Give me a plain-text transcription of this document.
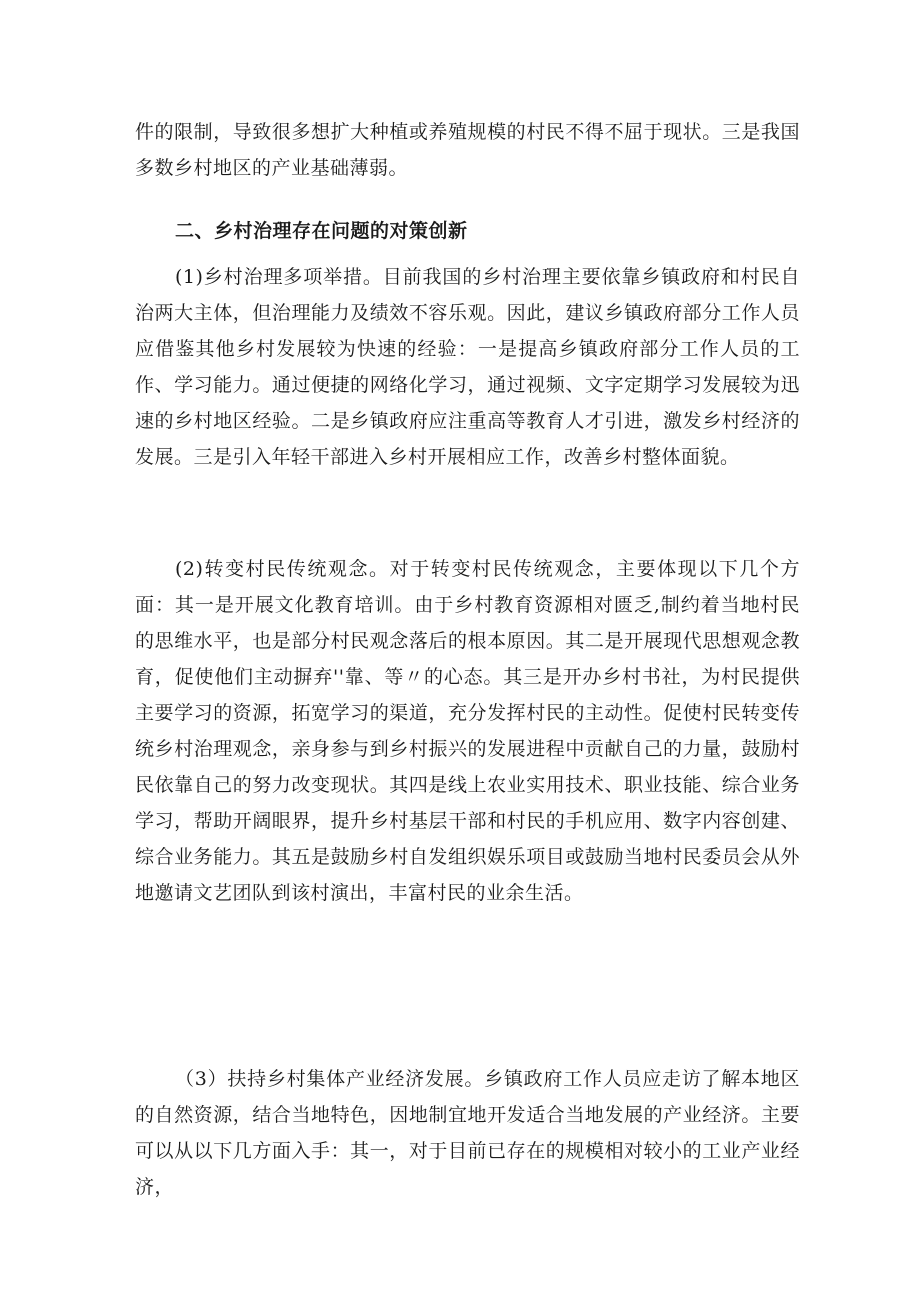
件的限制，导致很多想扩大种植或养殖规模的村民不得不屈于现状。三是我国多数乡村地区的产业基础薄弱。
二、乡村治理存在问题的对策创新
(1)乡村治理多项举措。目前我国的乡村治理主要依靠乡镇政府和村民自治两大主体，但治理能力及绩效不容乐观。因此，建议乡镇政府部分工作人员应借鉴其他乡村发展较为快速的经验：一是提高乡镇政府部分工作人员的工作、学习能力。通过便捷的网络化学习，通过视频、文字定期学习发展较为迅速的乡村地区经验。二是乡镇政府应注重高等教育人才引进，激发乡村经济的发展。三是引入年轻干部进入乡村开展相应工作，改善乡村整体面貌。
(2)转变村民传统观念。对于转变村民传统观念，主要体现以下几个方面：其一是开展文化教育培训。由于乡村教育资源相对匮乏,制约着当地村民的思维水平，也是部分村民观念落后的根本原因。其二是开展现代思想观念教育，促使他们主动摒弃''靠、等〃的心态。其三是开办乡村书社，为村民提供主要学习的资源，拓宽学习的渠道，充分发挥村民的主动性。促使村民转变传统乡村治理观念，亲身参与到乡村振兴的发展进程中贡献自己的力量，鼓励村民依靠自己的努力改变现状。其四是线上农业实用技术、职业技能、综合业务学习，帮助开阔眼界，提升乡村基层干部和村民的手机应用、数字内容创建、综合业务能力。其五是鼓励乡村自发组织娱乐项目或鼓励当地村民委员会从外地邀请文艺团队到该村演出，丰富村民的业余生活。
（3）扶持乡村集体产业经济发展。乡镇政府工作人员应走访了解本地区的自然资源，结合当地特色，因地制宜地开发适合当地发展的产业经济。主要可以从以下几方面入手：其一，对于目前已存在的规模相对较小的工业产业经济，
